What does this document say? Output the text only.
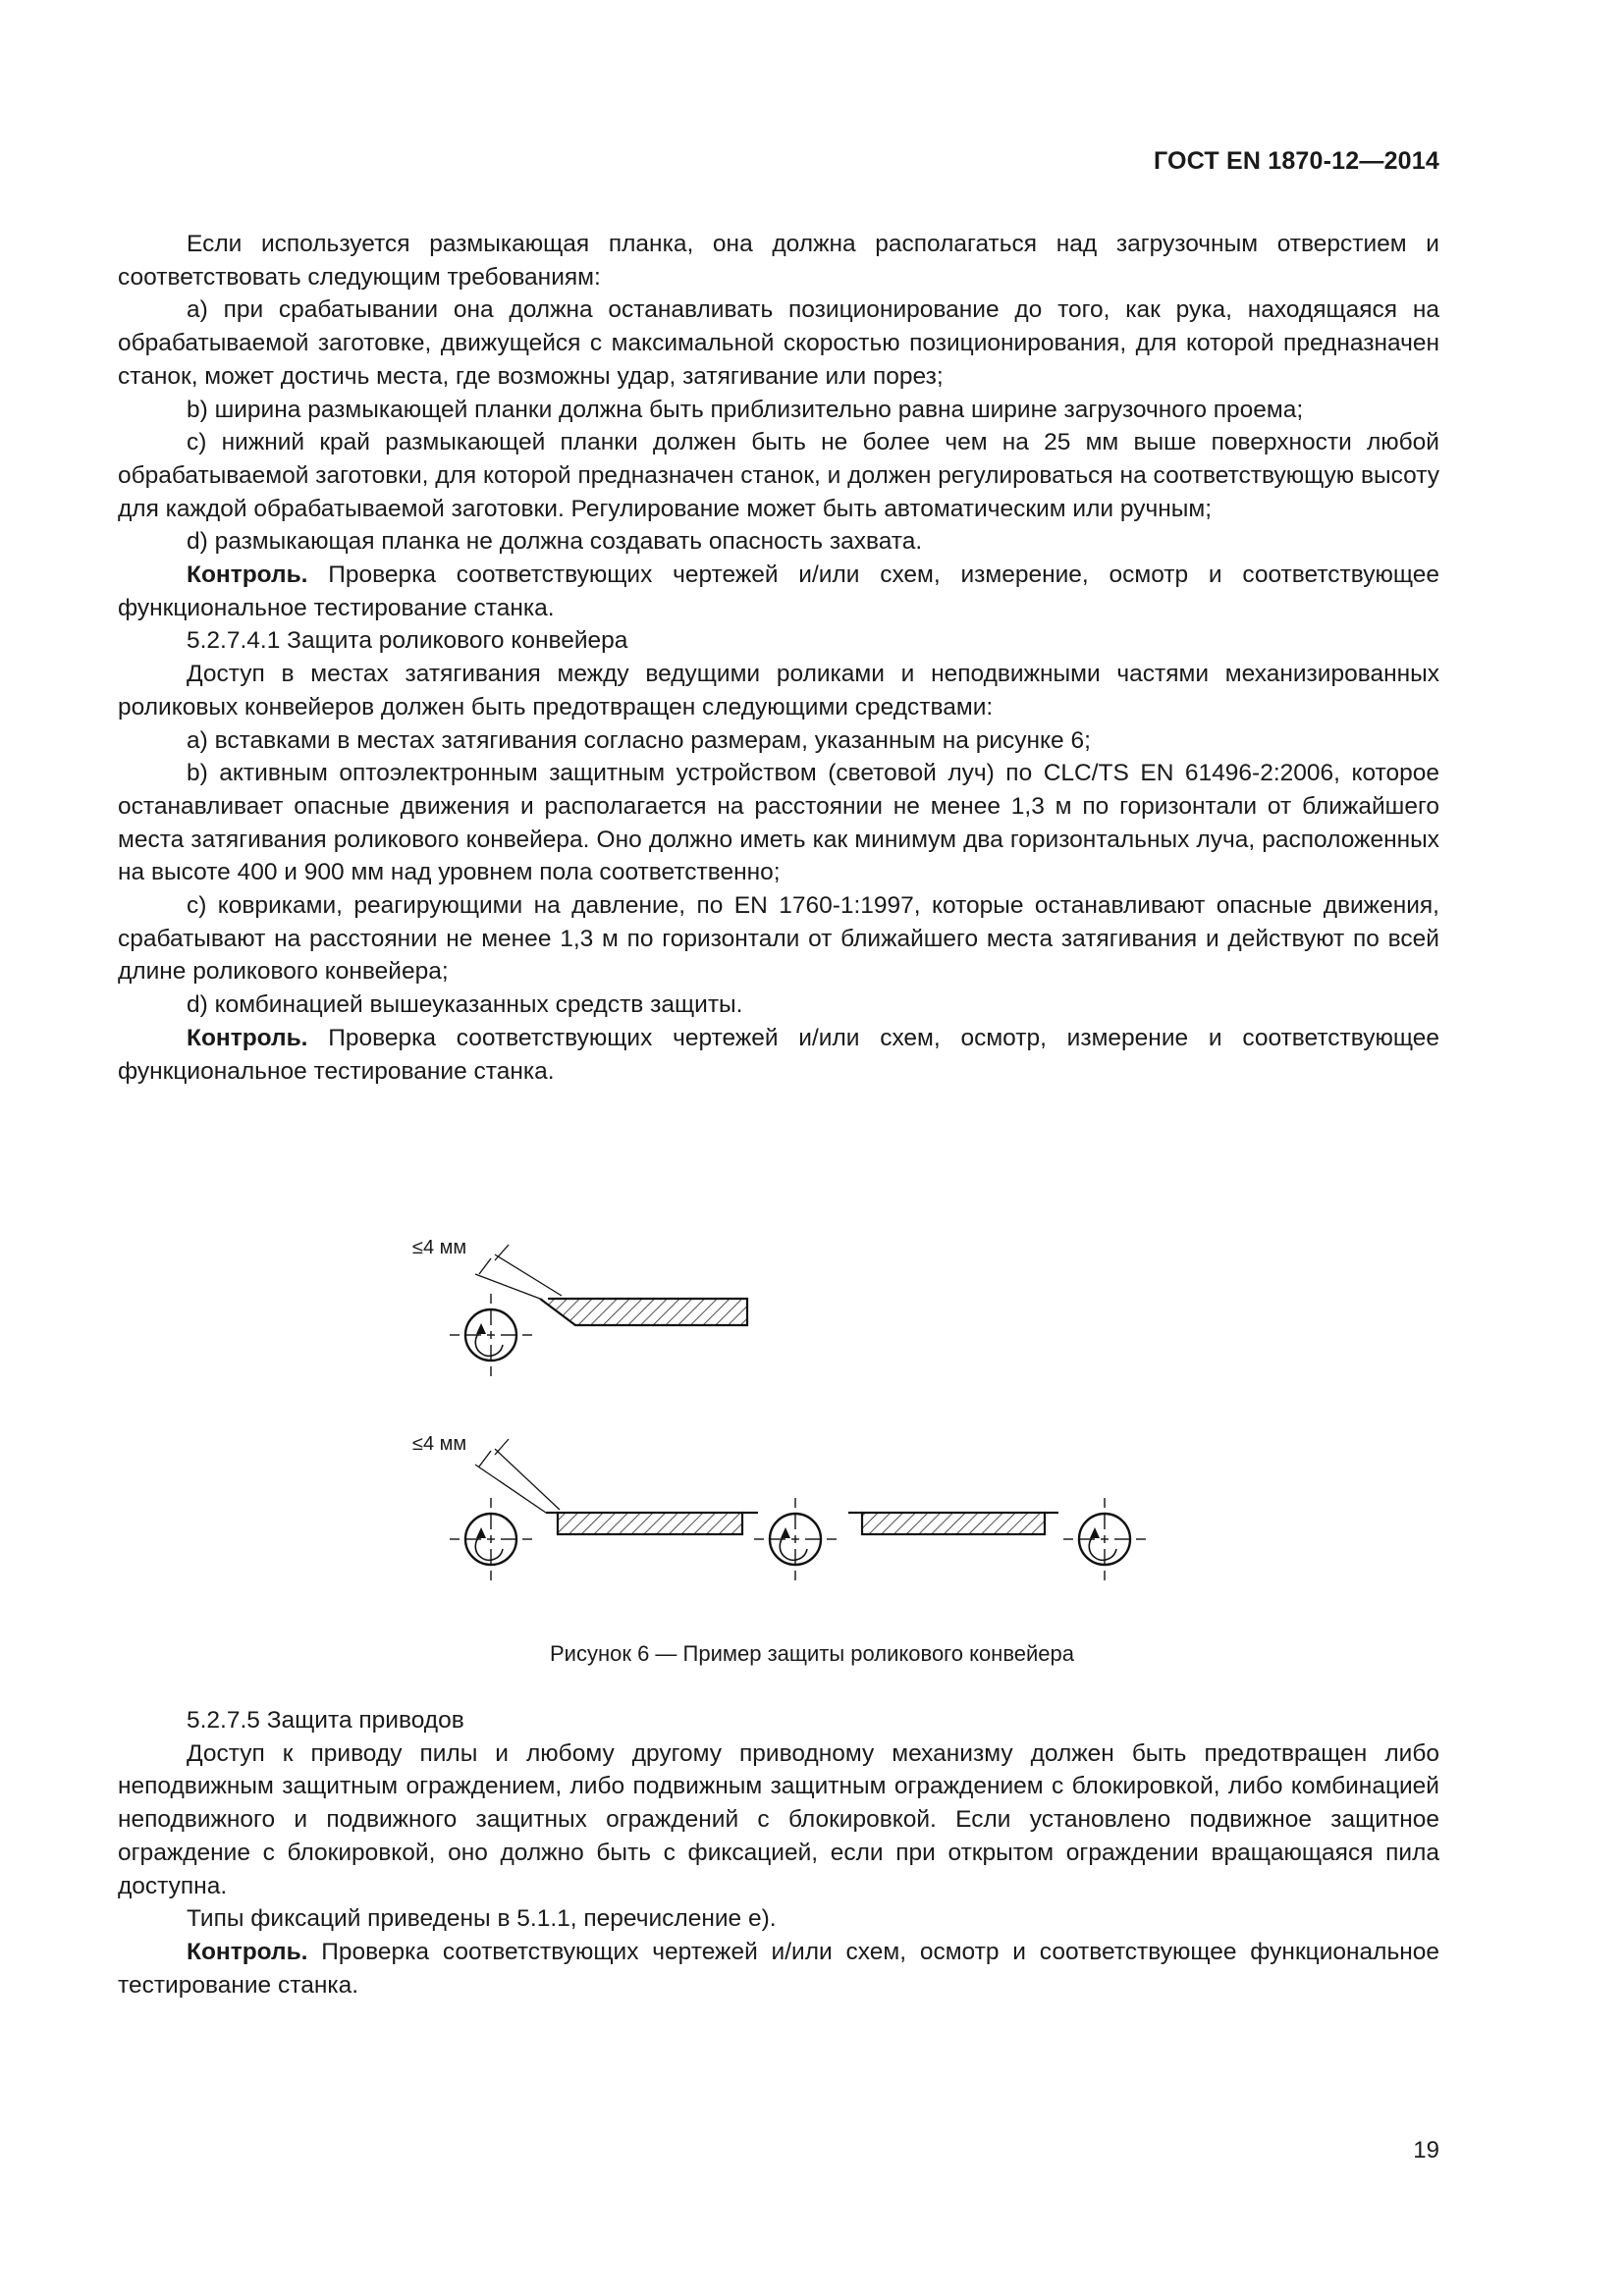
ГОСТ EN 1870-12—2014

Если используется размыкающая планка, она должна располагаться над загрузочным отверстием и соответствовать следующим требованиям:

a) при срабатывании она должна останавливать позиционирование до того, как рука, находящаяся на обрабатываемой заготовке, движущейся с максимальной скоростью позиционирования, для которой предназначен станок, может достичь места, где возможны удар, затягивание или порез;

b) ширина размыкающей планки должна быть приблизительно равна ширине загрузочного проема;

c) нижний край размыкающей планки должен быть не более чем на 25 мм выше поверхности любой обрабатываемой заготовки, для которой предназначен станок, и должен регулироваться на соответствующую высоту для каждой обрабатываемой заготовки. Регулирование может быть автоматическим или ручным;

d) размыкающая планка не должна создавать опасность захвата.

Контроль. Проверка соответствующих чертежей и/или схем, измерение, осмотр и соответствующее функциональное тестирование станка.

5.2.7.4.1 Защита роликового конвейера

Доступ в местах затягивания между ведущими роликами и неподвижными частями механизированных роликовых конвейеров должен быть предотвращен следующими средствами:

a) вставками в местах затягивания согласно размерам, указанным на рисунке 6;

b) активным оптоэлектронным защитным устройством (световой луч) по CLC/TS EN 61496-2:2006, которое останавливает опасные движения и располагается на расстоянии не менее 1,3 м по горизонтали от ближайшего места затягивания роликового конвейера. Оно должно иметь как минимум два горизонтальных луча, расположенных на высоте 400 и 900 мм над уровнем пола соответственно;

c) ковриками, реагирующими на давление, по EN 1760-1:1997, которые останавливают опасные движения, срабатывают на расстоянии не менее 1,3 м по горизонтали от ближайшего места затягивания и действуют по всей длине роликового конвейера;

d) комбинацией вышеуказанных средств защиты.

Контроль. Проверка соответствующих чертежей и/или схем, осмотр, измерение и соответствующее функциональное тестирование станка.

≤4 мм
≤4 мм
Рисунок 6 — Пример защиты роликового конвейера

5.2.7.5 Защита приводов

Доступ к приводу пилы и любому другому приводному механизму должен быть предотвращен либо неподвижным защитным ограждением, либо подвижным защитным ограждением с блокировкой, либо комбинацией неподвижного и подвижного защитных ограждений с блокировкой. Если установлено подвижное защитное ограждение с блокировкой, оно должно быть с фиксацией, если при открытом ограждении вращающаяся пила доступна.

Типы фиксаций приведены в 5.1.1, перечисление е).

Контроль. Проверка соответствующих чертежей и/или схем, осмотр и соответствующее функциональное тестирование станка.

19
